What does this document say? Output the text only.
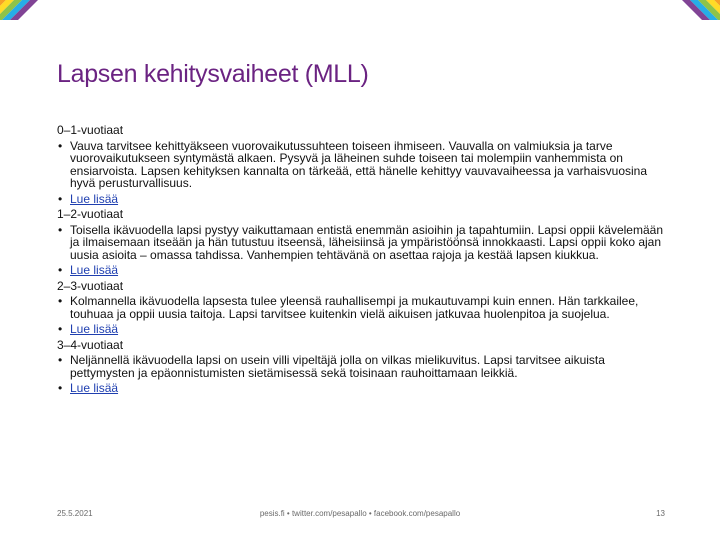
Lapsen kehitysvaiheet (MLL)
0–1-vuotiaat
• Vauva tarvitsee kehittyäkseen vuorovaikutussuhteen toiseen ihmiseen. Vauvalla on valmiuksia ja tarve vuorovaikutukseen syntymästä alkaen. Pysyvä ja läheinen suhde toiseen tai molempiin vanhemmista on ensiarvoista. Lapsen kehityksen kannalta on tärkeää, että hänelle kehittyy vauvavaiheessa ja varhaisvuosina hyvä perusturvallisuus.
• Lue lisää
1–2-vuotiaat
• Toisella ikävuodella lapsi pystyy vaikuttamaan entistä enemmän asioihin ja tapahtumiin. Lapsi oppii kävelemään ja ilmaisemaan itseään ja hän tutustuu itseensä, läheisiinsä ja ympäristöönsä innokkaasti. Lapsi oppii koko ajan uusia asioita – omassa tahdissa. Vanhempien tehtävänä on asettaa rajoja ja kestää lapsen kiukkua.
• Lue lisää
2–3-vuotiaat
• Kolmannella ikävuodella lapsesta tulee yleensä rauhallisempi ja mukautuvampi kuin ennen. Hän tarkkailee, touhuaa ja oppii uusia taitoja. Lapsi tarvitsee kuitenkin vielä aikuisen jatkuvaa huolenpitoa ja suojelua.
• Lue lisää
3–4-vuotiaat
• Neljännellä ikävuodella lapsi on usein villi vipeltäjä jolla on vilkas mielikuvitus. Lapsi tarvitsee aikuista pettymysten ja epäonnistumisten sietämisessä sekä toisinaan rauhoittamaan leikkiä.
• Lue lisää
25.5.2021	pesis.fi • twitter.com/pesapallo • facebook.com/pesapallo	13
